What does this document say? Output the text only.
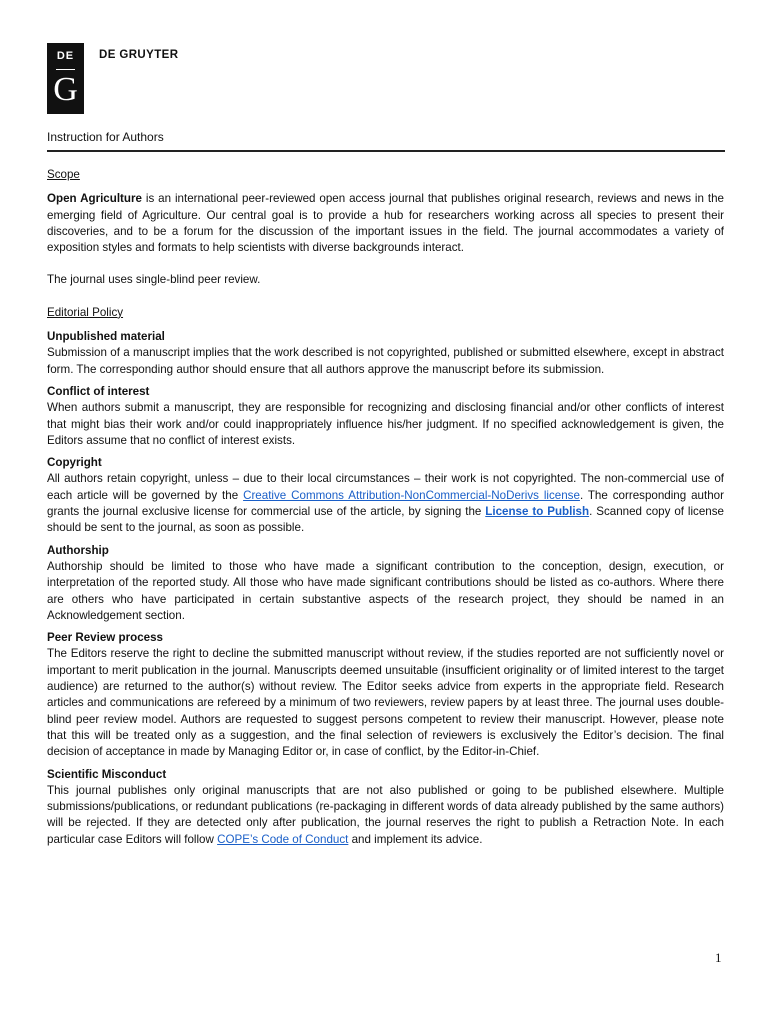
DE
G
DE GRUYTER
Instruction for Authors

Scope

Open Agriculture is an international peer-reviewed open access journal that publishes original research, reviews and news in the emerging field of Agriculture. Our central goal is to provide a hub for researchers working across all species to present their discoveries, and to be a forum for the discussion of the important issues in the field. The journal accommodates a variety of exposition styles and formats to help scientists with diverse backgrounds interact.

The journal uses single-blind peer review.

Editorial Policy

Unpublished material

Submission of a manuscript implies that the work described is not copyrighted, published or submitted elsewhere, except in abstract form. The corresponding author should ensure that all authors approve the manuscript before its submission.

Conflict of interest

When authors submit a manuscript, they are responsible for recognizing and disclosing financial and/or other conflicts of interest that might bias their work and/or could inappropriately influence his/her judgment. If no specified acknowledgement is given, the Editors assume that no conflict of interest exists.

Copyright

All authors retain copyright, unless – due to their local circumstances – their work is not copyrighted. The non-commercial use of each article will be governed by the Creative Commons Attribution-NonCommercial-NoDerivs license. The corresponding author grants the journal exclusive license for commercial use of the article, by signing the License to Publish. Scanned copy of license should be sent to the journal, as soon as possible.

Authorship

Authorship should be limited to those who have made a significant contribution to the conception, design, execution, or interpretation of the reported study. All those who have made significant contributions should be listed as co-authors. Where there are others who have participated in certain substantive aspects of the research project, they should be named in an Acknowledgement section.

Peer Review process

The Editors reserve the right to decline the submitted manuscript without review, if the studies reported are not sufficiently novel or important to merit publication in the journal. Manuscripts deemed unsuitable (insufficient originality or of limited interest to the target audience) are returned to the author(s) without review. The Editor seeks advice from experts in the appropriate field. Research articles and communications are refereed by a minimum of two reviewers, review papers by at least three. The journal uses double-blind peer review model. Authors are requested to suggest persons competent to review their manuscript. However, please note that this will be treated only as a suggestion, and the final selection of reviewers is exclusively the Editor’s decision. The final decision of acceptance in made by Managing Editor or, in case of conflict, by the Editor-in-Chief.

Scientific Misconduct

This journal publishes only original manuscripts that are not also published or going to be published elsewhere. Multiple submissions/publications, or redundant publications (re-packaging in different words of data already published by the same authors) will be rejected. If they are detected only after publication, the journal reserves the right to publish a Retraction Note. In each particular case Editors will follow COPE’s Code of Conduct and implement its advice.

1
